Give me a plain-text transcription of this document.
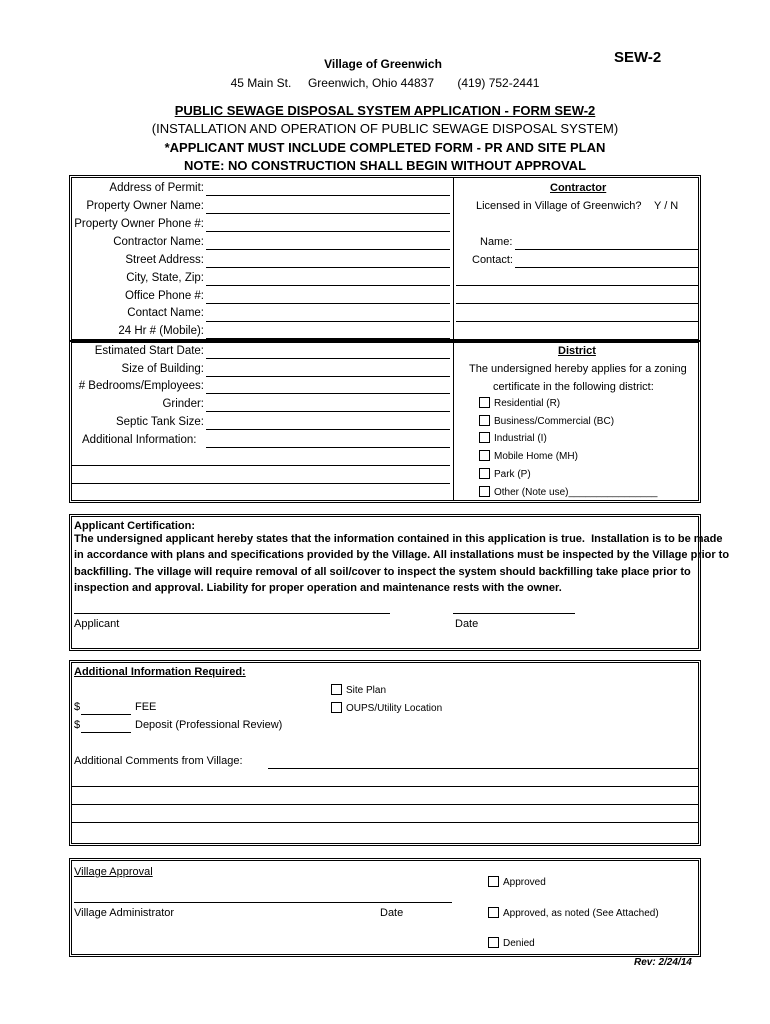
SEW-2
Village of Greenwich
45 Main St.     Greenwich, Ohio 44837       (419) 752-2441
PUBLIC SEWAGE DISPOSAL SYSTEM APPLICATION - FORM SEW-2
(INSTALLATION AND OPERATION OF PUBLIC SEWAGE DISPOSAL SYSTEM)
*APPLICANT MUST INCLUDE COMPLETED FORM - PR AND SITE PLAN
NOTE: NO CONSTRUCTION SHALL BEGIN WITHOUT APPROVAL
Address of Permit:
Property Owner Name:
Property Owner Phone #:
Contractor Name:
Street Address:
City, State, Zip:
Office Phone #:
Contact Name:
24 Hr # (Mobile):
Contractor
Licensed in Village of Greenwich? Y / N
Name:
Contact:
Estimated Start Date:
Size of Building:
# Bedrooms/Employees:
Grinder:
Septic Tank Size:
Additional Information:
District
The undersigned hereby applies for a zoning
certificate in the following district:
Residential (R)
Business/Commercial (BC)
Industrial (I)
Mobile Home (MH)
Park (P)
Other (Note use)________________
Applicant Certification:
The undersigned applicant hereby states that the information contained in this application is true.  Installation is to be made
in accordance with plans and specifications provided by the Village. All installations must be inspected by the Village prior to
backfilling. The village will require removal of all soil/cover to inspect the system should backfilling take place prior to
inspection and approval. Liability for proper operation and maintenance rests with the owner.
Applicant	Date
Additional Information Required:
Site Plan
OUPS/Utility Location
$	FEE
$	Deposit (Professional Review)
Additional Comments from Village:
Village Approval
Village Administrator	Date
Approved
Approved, as noted (See Attached)
Denied
Rev: 2/24/14
